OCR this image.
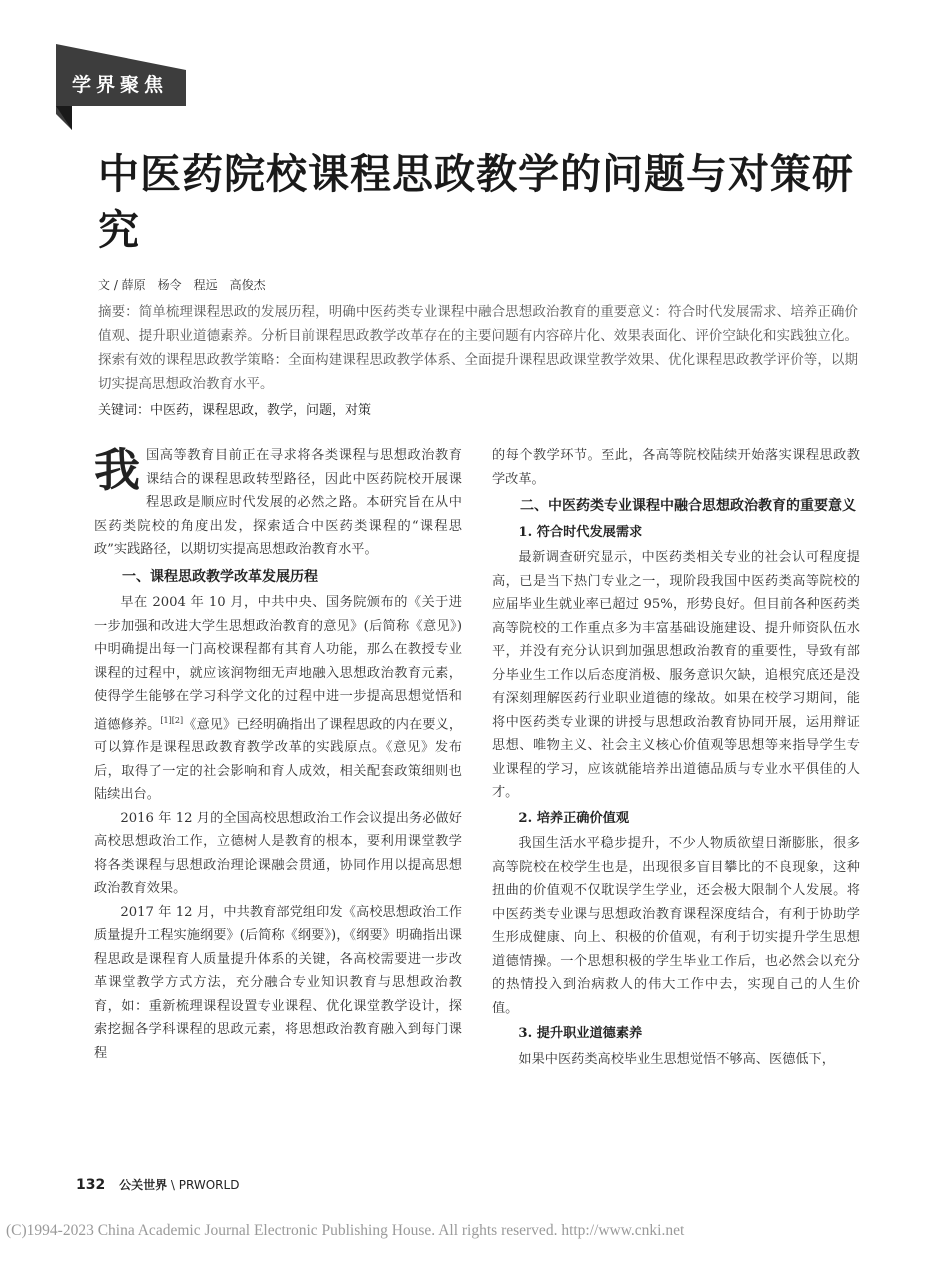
学界聚焦
中医药院校课程思政教学的问题与对策研究
文 / 薛原　杨令　程远　高俊杰

摘要：简单梳理课程思政的发展历程，明确中医药类专业课程中融合思想政治教育的重要意义：符合时代发展需求、培养正确价值观、提升职业道德素养。分析目前课程思政教学改革存在的主要问题有内容碎片化、效果表面化、评价空缺化和实践独立化。探索有效的课程思政教学策略：全面构建课程思政教学体系、全面提升课程思政课堂教学效果、优化课程思政教学评价等，以期切实提高思想政治教育水平。

关键词：中医药，课程思政，教学，问题，对策

我国高等教育目前正在寻求将各类课程与思想政治教育课结合的课程思政转型路径，因此中医药院校开展课程思政是顺应时代发展的必然之路。本研究旨在从中医药类院校的角度出发，探索适合中医药类课程的“课程思政”实践路径，以期切实提高思想政治教育水平。

一、课程思政教学改革发展历程

早在 2004 年 10 月，中共中央、国务院颁布的《关于进一步加强和改进大学生思想政治教育的意见》(后简称《意见》) 中明确提出每一门高校课程都有其育人功能，那么在教授专业课程的过程中，就应该润物细无声地融入思想政治教育元素，使得学生能够在学习科学文化的过程中进一步提高思想觉悟和道德修养。[1][2]《意见》已经明确指出了课程思政的内在要义，可以算作是课程思政教育教学改革的实践原点。《意见》发布后，取得了一定的社会影响和育人成效，相关配套政策细则也陆续出台。

2016 年 12 月的全国高校思想政治工作会议提出务必做好高校思想政治工作，立德树人是教育的根本，要利用课堂教学将各类课程与思想政治理论课融会贯通，协同作用以提高思想政治教育效果。

2017 年 12 月，中共教育部党组印发《高校思想政治工作质量提升工程实施纲要》(后简称《纲要》)，《纲要》明确指出课程思政是课程育人质量提升体系的关键，各高校需要进一步改革课堂教学方式方法，充分融合专业知识教育与思想政治教育，如：重新梳理课程设置专业课程、优化课堂教学设计，探索挖掘各学科课程的思政元素，将思想政治教育融入到每门课程

的每个教学环节。至此，各高等院校陆续开始落实课程思政教学改革。

二、中医药类专业课程中融合思想政治教育的重要意义
1. 符合时代发展需求

最新调查研究显示，中医药类相关专业的社会认可程度提高，已是当下热门专业之一，现阶段我国中医药类高等院校的应届毕业生就业率已超过 95%，形势良好。但目前各种医药类高等院校的工作重点多为丰富基础设施建设、提升师资队伍水平，并没有充分认识到加强思想政治教育的重要性，导致有部分毕业生工作以后态度消极、服务意识欠缺，追根究底还是没有深刻理解医药行业职业道德的缘故。如果在校学习期间，能将中医药类专业课的讲授与思想政治教育协同开展，运用辩证思想、唯物主义、社会主义核心价值观等思想等来指导学生专业课程的学习，应该就能培养出道德品质与专业水平俱佳的人才。

2. 培养正确价值观

我国生活水平稳步提升，不少人物质欲望日渐膨胀，很多高等院校在校学生也是，出现很多盲目攀比的不良现象，这种扭曲的价值观不仅耽误学生学业，还会极大限制个人发展。将中医药类专业课与思想政治教育课程深度结合，有利于协助学生形成健康、向上、积极的价值观，有利于切实提升学生思想道德情操。一个思想积极的学生毕业工作后，也必然会以充分的热情投入到治病救人的伟大工作中去，实现自己的人生价值。

3. 提升职业道德素养

如果中医药类高校毕业生思想觉悟不够高、医德低下，

132 公关世界 \ PRWORLD
(C)1994-2023 China Academic Journal Electronic Publishing House. All rights reserved. http://www.cnki.net
